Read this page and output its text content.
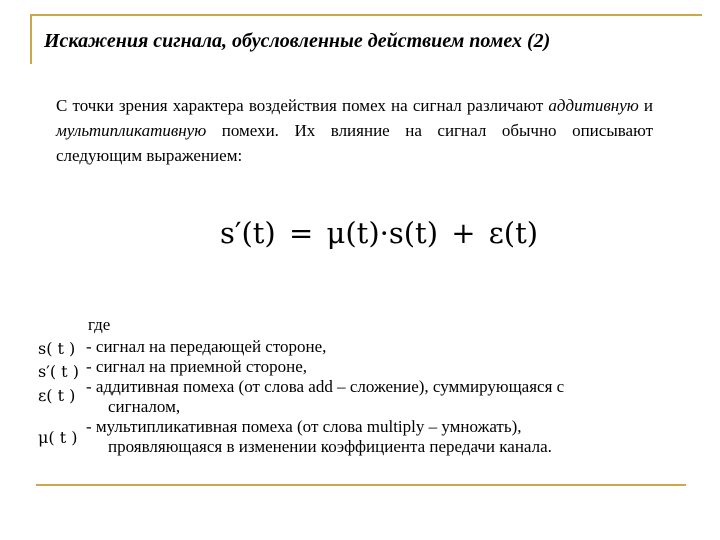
Искажения сигнала, обусловленные действием помех (2)
С точки зрения характера воздействия помех на сигнал различают аддитивную и мультипликативную помехи. Их влияние на сигнал обычно описывают следующим выражением:
s′(t) = μ(t)·s(t) + ε(t)
где
s( t )
s′( t )
ε( t )
μ( t )
- сигнал на передающей стороне,
- сигнал на приемной стороне,
- аддитивная помеха (от слова add – сложение), суммирующаяся с
сигналом,
- мультипликативная помеха (от слова multiply – умножать),
проявляющаяся в изменении коэффициента передачи канала.
